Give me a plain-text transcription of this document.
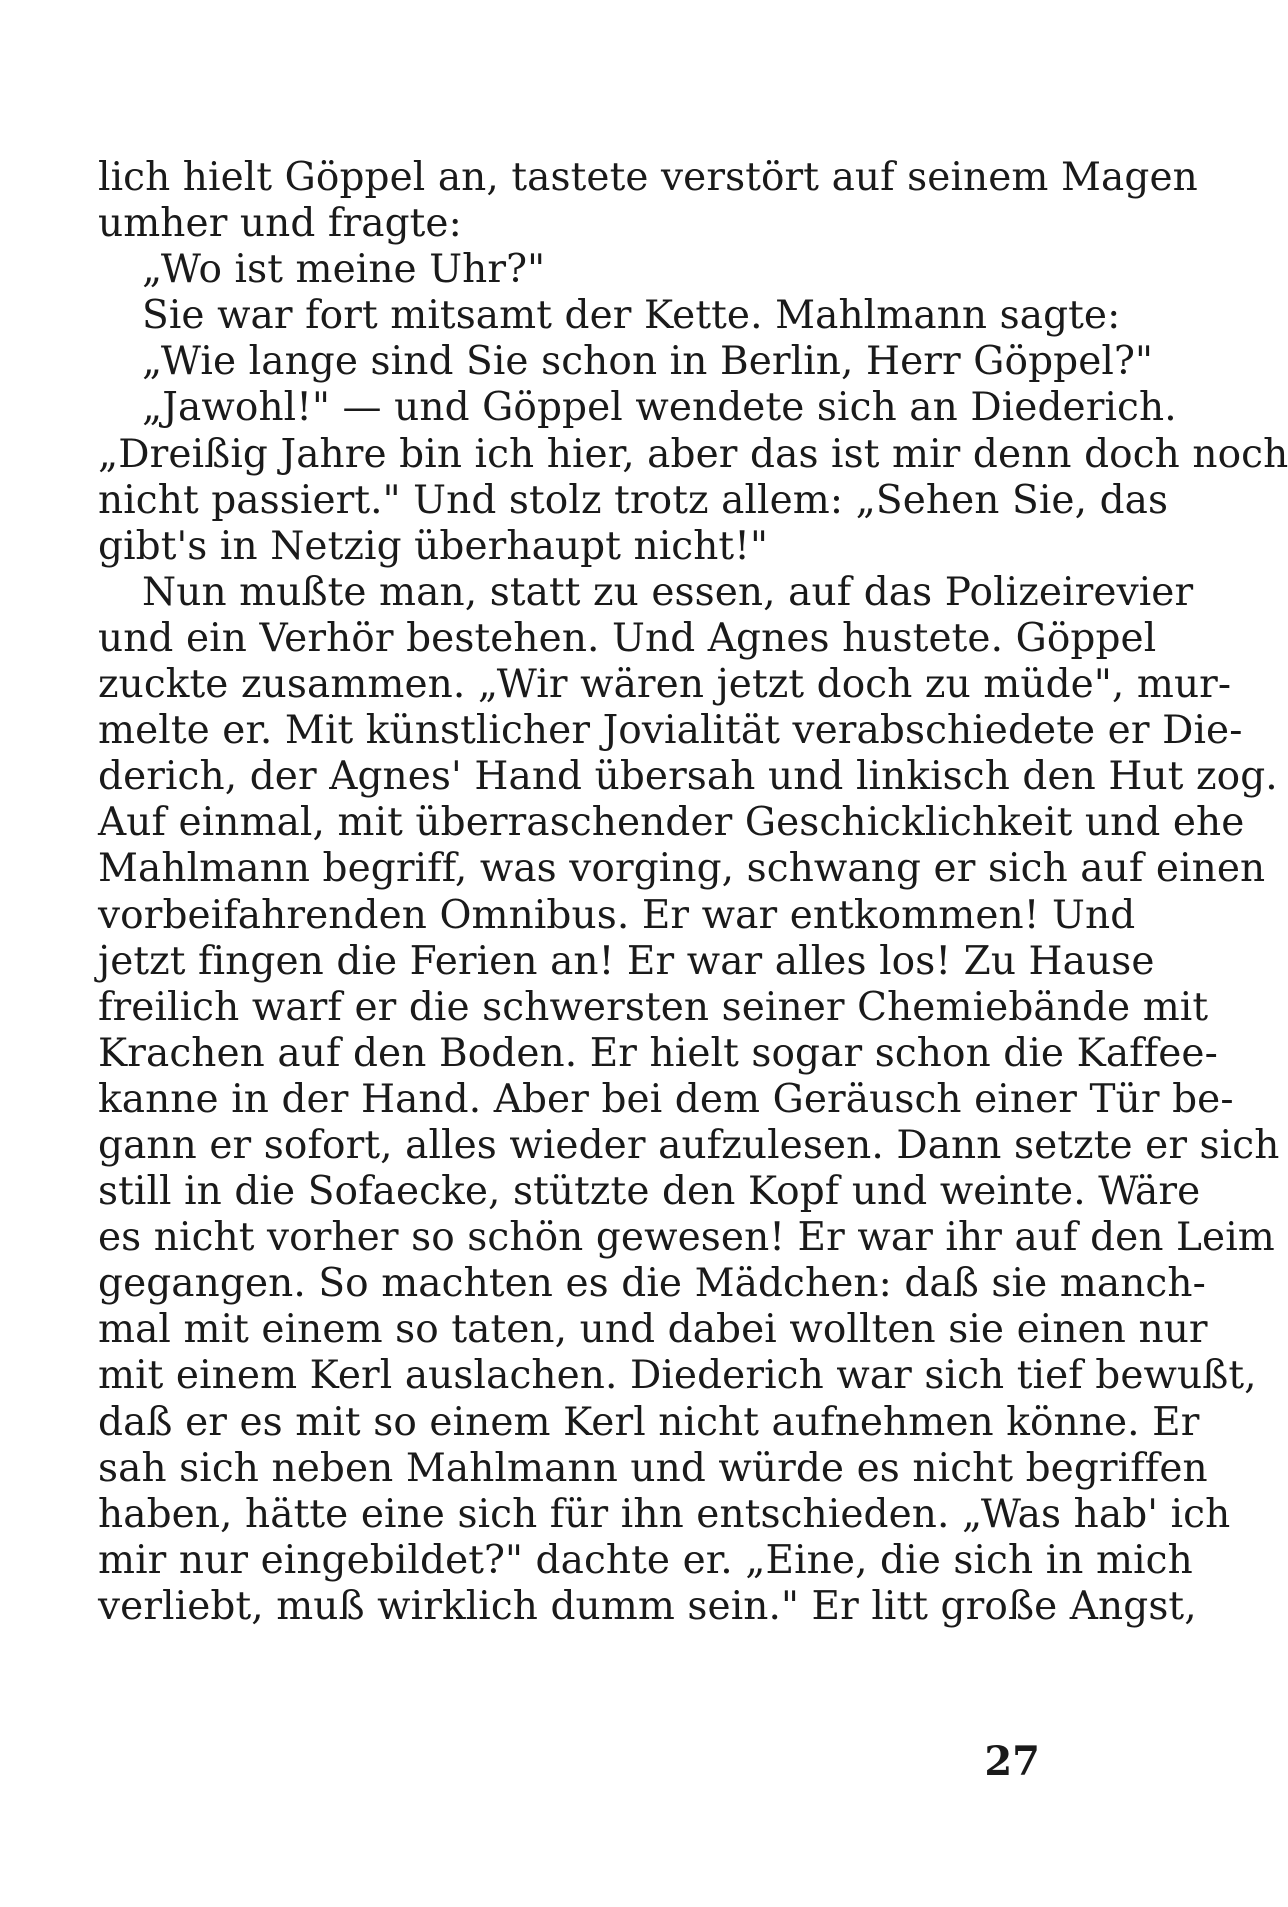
lich hielt Göppel an, tastete verstört auf seinem Magen
umher und fragte:
„Wo ist meine Uhr?"
Sie war fort mitsamt der Kette. Mahlmann sagte:
„Wie lange sind Sie schon in Berlin, Herr Göppel?"
„Jawohl!" — und Göppel wendete sich an Diederich.
„Dreißig Jahre bin ich hier, aber das ist mir denn doch noch
nicht passiert." Und stolz trotz allem: „Sehen Sie, das
gibt's in Netzig überhaupt nicht!"
Nun mußte man, statt zu essen, auf das Polizeirevier
und ein Verhör bestehen. Und Agnes hustete. Göppel
zuckte zusammen. „Wir wären jetzt doch zu müde", mur-
melte er. Mit künstlicher Jovialität verabschiedete er Die-
derich, der Agnes' Hand übersah und linkisch den Hut zog.
Auf einmal, mit überraschender Geschicklichkeit und ehe
Mahlmann begriff, was vorging, schwang er sich auf einen
vorbeifahrenden Omnibus. Er war entkommen! Und
jetzt fingen die Ferien an! Er war alles los! Zu Hause
freilich warf er die schwersten seiner Chemiebände mit
Krachen auf den Boden. Er hielt sogar schon die Kaffee-
kanne in der Hand. Aber bei dem Geräusch einer Tür be-
gann er sofort, alles wieder aufzulesen. Dann setzte er sich
still in die Sofaecke, stützte den Kopf und weinte. Wäre
es nicht vorher so schön gewesen! Er war ihr auf den Leim
gegangen. So machten es die Mädchen: daß sie manch-
mal mit einem so taten, und dabei wollten sie einen nur
mit einem Kerl auslachen. Diederich war sich tief bewußt,
daß er es mit so einem Kerl nicht aufnehmen könne. Er
sah sich neben Mahlmann und würde es nicht begriffen
haben, hätte eine sich für ihn entschieden. „Was hab' ich
mir nur eingebildet?" dachte er. „Eine, die sich in mich
verliebt, muß wirklich dumm sein." Er litt große Angst,
27
